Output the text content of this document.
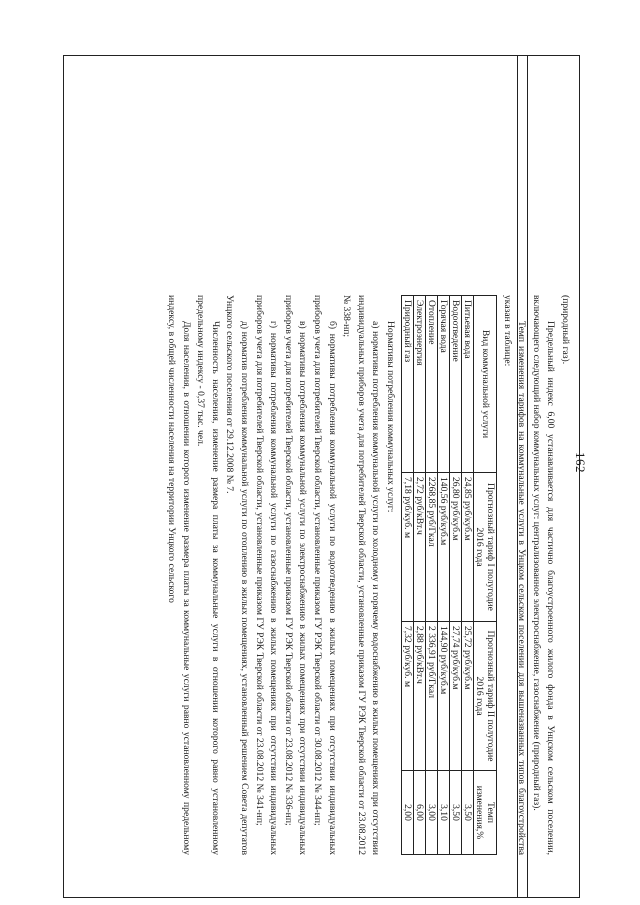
162

(природный газ).

Предельный индекс 6,00 устанавливается для частично благоустроенного жилого фонда в Унцском сельском поселении, включающего следующий набор коммунальных услуг: централизованное электроснабжение, газоснабжение (природный газ).

Темп изменения тарифов на коммунальные услуги в Унцком сельском поселении для вышеназванных типов благоустройства указан в таблице:

Вид коммунальной услуги	Прогнозный тариф I полугодие 2016 года	Прогнозный тариф II полугодие 2016 года	Темп изменения,%
Питьевая вода	24,85 руб/куб.м	25,72 руб/куб.м	3,50
Водоотведение	26,80 руб/куб.м	27,74 руб/куб.м	3,50
Горячая вода	140,56 руб/куб.м	144,90 руб/куб.м	3,10
Отопление	2268,85 руб/Гкал	2 336,91 руб/Гкал	3,00
Электроэнергия	2,72 руб/кВт.ч	2,88 руб/кВт.ч	6,00
Природный газ	7,18 руб/куб. м	7,32 руб/куб. м	2,00

Нормативы потребления коммунальных услуг:

а) нормативы потребления коммунальной услуги по холодному и горячему водоснабжению в жилых помещениях при отсутствии индивидуальных приборов учета для потребителей Тверской области, установленные приказом ГУ РЭК Тверской области от 23.08.2012 № 338-нп;

б) нормативы потребления коммунальной услуги по водоотведению в жилых помещениях при отсутствии индивидуальных приборов учета для потребителей Тверской области, установленные приказом ГУ РЭК Тверской области от 30.08.2012 № 344-нп;

в) нормативы потребления коммунальной услуги по электроснабжению в жилых помещениях при отсутствии индивидуальных приборов учета для потребителей Тверской области, установленные приказом ГУ РЭК Тверской области от 23.08.2012 № 336-нп;

г) нормативы потребления коммунальной услуги по газоснабжению в жилых помещениях при отсутствии индивидуальных приборов учета для потребителей Тверской области, установленные приказом ГУ РЭК Тверской области от 23.08.2012 № 341-нп;

д) норматив потребления коммунальной услуги по отоплению в жилых помещениях, установленный решением Совета депутатов Унцкого сельского поселения от 29.12.2008 № 7.

Численность населения, изменение размера платы за коммунальные услуги в отношении которого равно установленному предельному индексу - 0,37 тыс. чел.

Доля населения, в отношении которого изменение размера платы за коммунальные услуги равно установленному предельному индексу, в общей численности населения на территории Унцкого сельского
